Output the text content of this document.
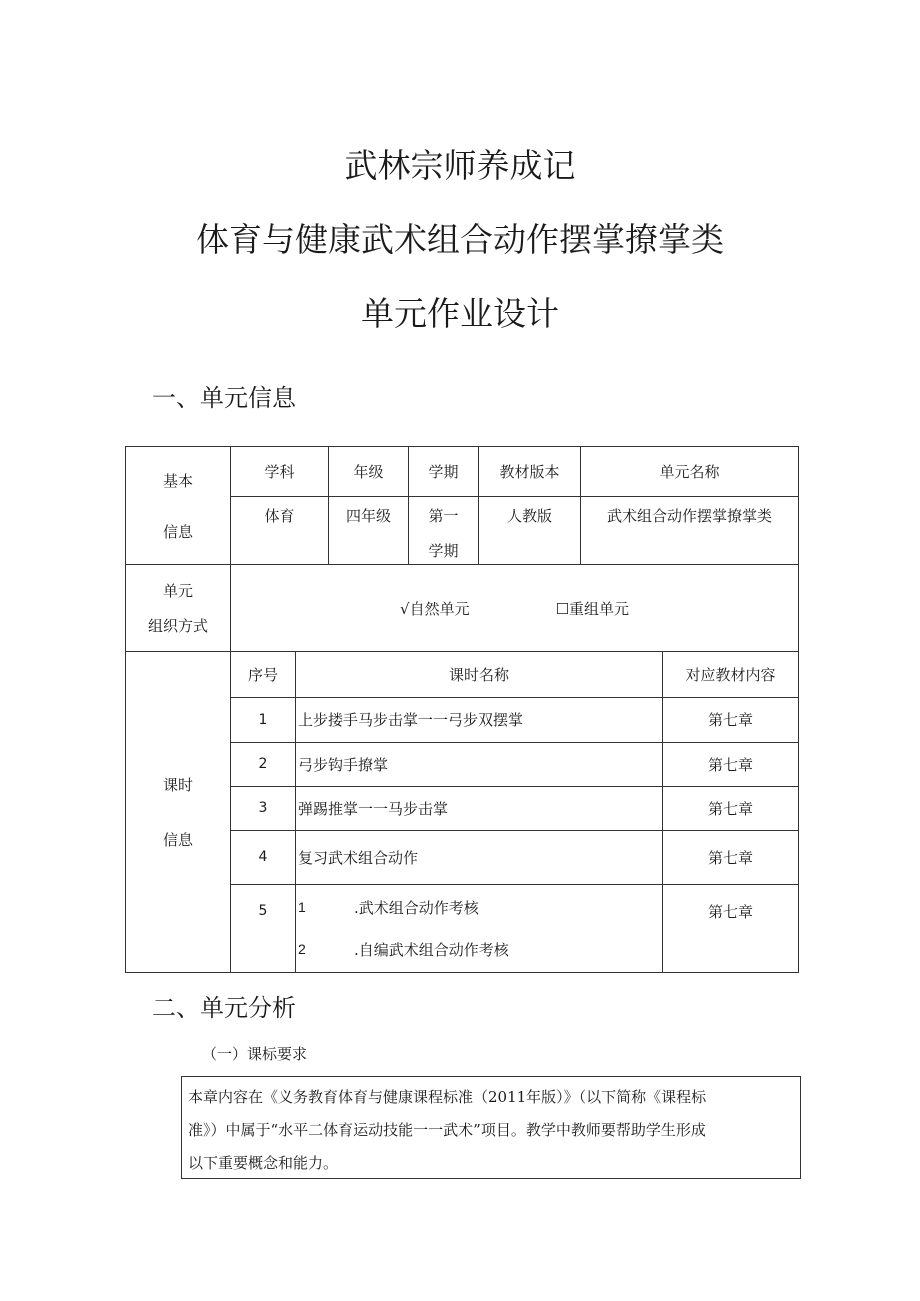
武林宗师养成记
体育与健康武术组合动作摆掌撩掌类
单元作业设计
一、单元信息
基本
信息	学科		年级	学期	教材版本	单元名称	
	体育		四年级	第一
学期	人教版	武术组合动作摆掌撩掌类	

单元
组织方式	√自然单元 ☐重组单元						

课时
信息	序号	课时名称					对应教材内容
	1	上步搂手马步击掌一一弓步双摆掌					第七章
	2	弓步钩手撩掌					第七章
	3	弹踢推掌一一马步击掌					第七章
	4	复习武术组合动作					第七章
	5	1 .武术组合动作考核
2 .自编武术组合动作考核					第七章
二、单元分析
（一）课标要求
本章内容在《义务教育体育与健康课程标准（2011年版）》（以下简称《课程标
准》）中属于“水平二体育运动技能一一武术”项目。教学中教师要帮助学生形成
以下重要概念和能力。
